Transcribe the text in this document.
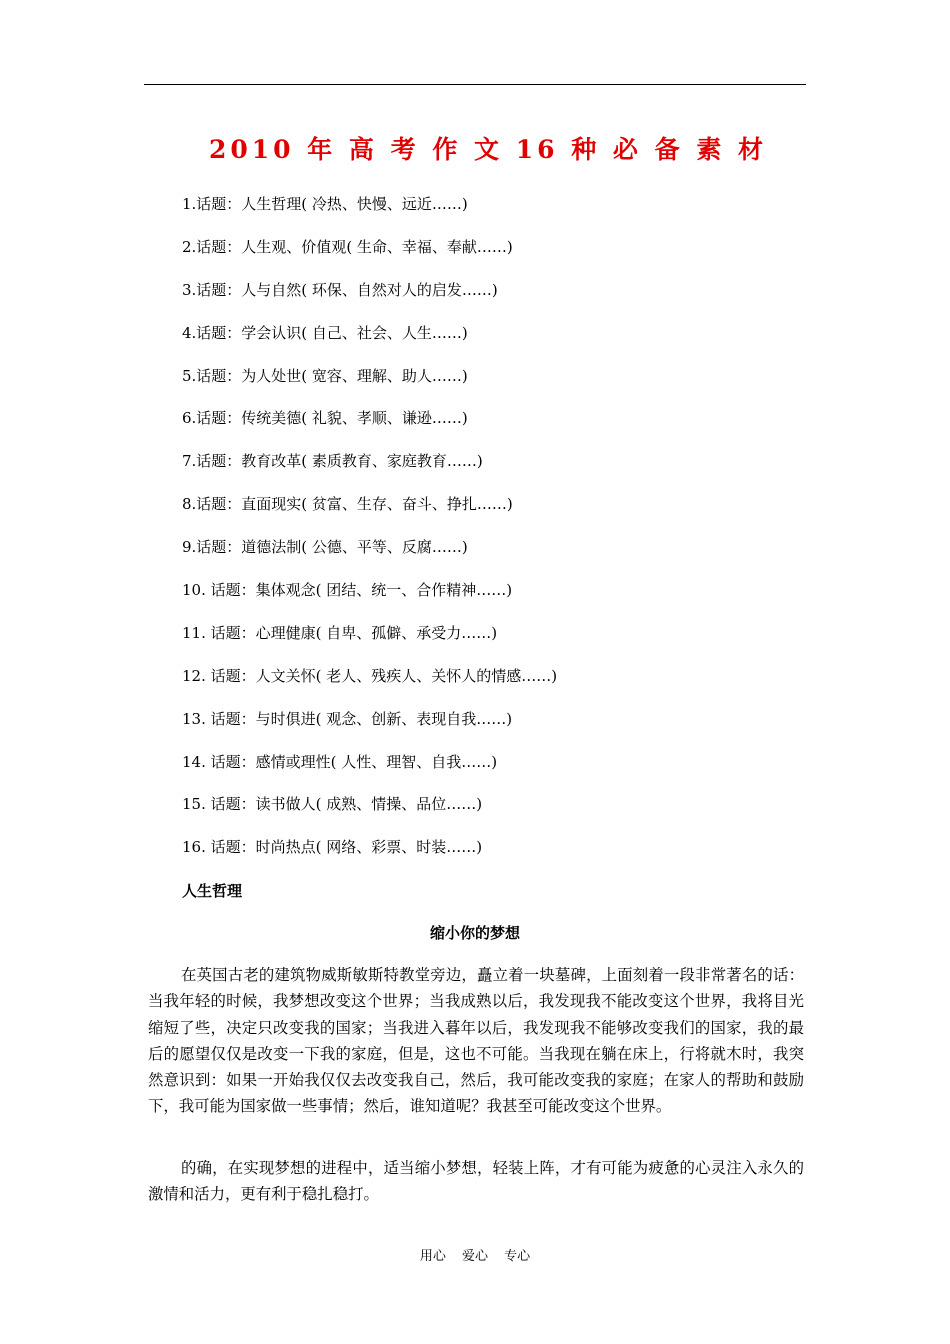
2010 年 高 考 作 文 16 种 必 备 素 材
1.话题：人生哲理( 冷热、快慢、远近……)
2.话题：人生观、价值观( 生命、幸福、奉献……)
3.话题：人与自然( 环保、自然对人的启发……)
4.话题：学会认识( 自己、社会、人生……)
5.话题：为人处世( 宽容、理解、助人……)
6.话题：传统美德( 礼貌、孝顺、谦逊……)
7.话题：教育改革( 素质教育、家庭教育……)
8.话题：直面现实( 贫富、生存、奋斗、挣扎……)
9.话题：道德法制( 公德、平等、反腐……)
10. 话题：集体观念( 团结、统一、合作精神……)
11. 话题：心理健康( 自卑、孤僻、承受力……)
12. 话题：人文关怀( 老人、残疾人、关怀人的情感……)
13. 话题：与时俱进( 观念、创新、表现自我……)
14. 话题：感情或理性( 人性、理智、自我……)
15. 话题：读书做人( 成熟、情操、品位……)
16. 话题：时尚热点( 网络、彩票、时装……)
人生哲理
缩小你的梦想

在英国古老的建筑物威斯敏斯特教堂旁边，矗立着一块墓碑，上面刻着一段非常著名的话：当我年轻的时候，我梦想改变这个世界；当我成熟以后，我发现我不能改变这个世界，我将目光缩短了些，决定只改变我的国家；当我进入暮年以后，我发现我不能够改变我们的国家，我的最后的愿望仅仅是改变一下我的家庭，但是，这也不可能。当我现在躺在床上，行将就木时，我突然意识到：如果一开始我仅仅去改变我自己，然后，我可能改变我的家庭；在家人的帮助和鼓励下，我可能为国家做一些事情；然后，谁知道呢？我甚至可能改变这个世界。

的确，在实现梦想的进程中，适当缩小梦想，轻装上阵，才有可能为疲惫的心灵注入永久的激情和活力，更有利于稳扎稳打。

用心 爱心 专心
